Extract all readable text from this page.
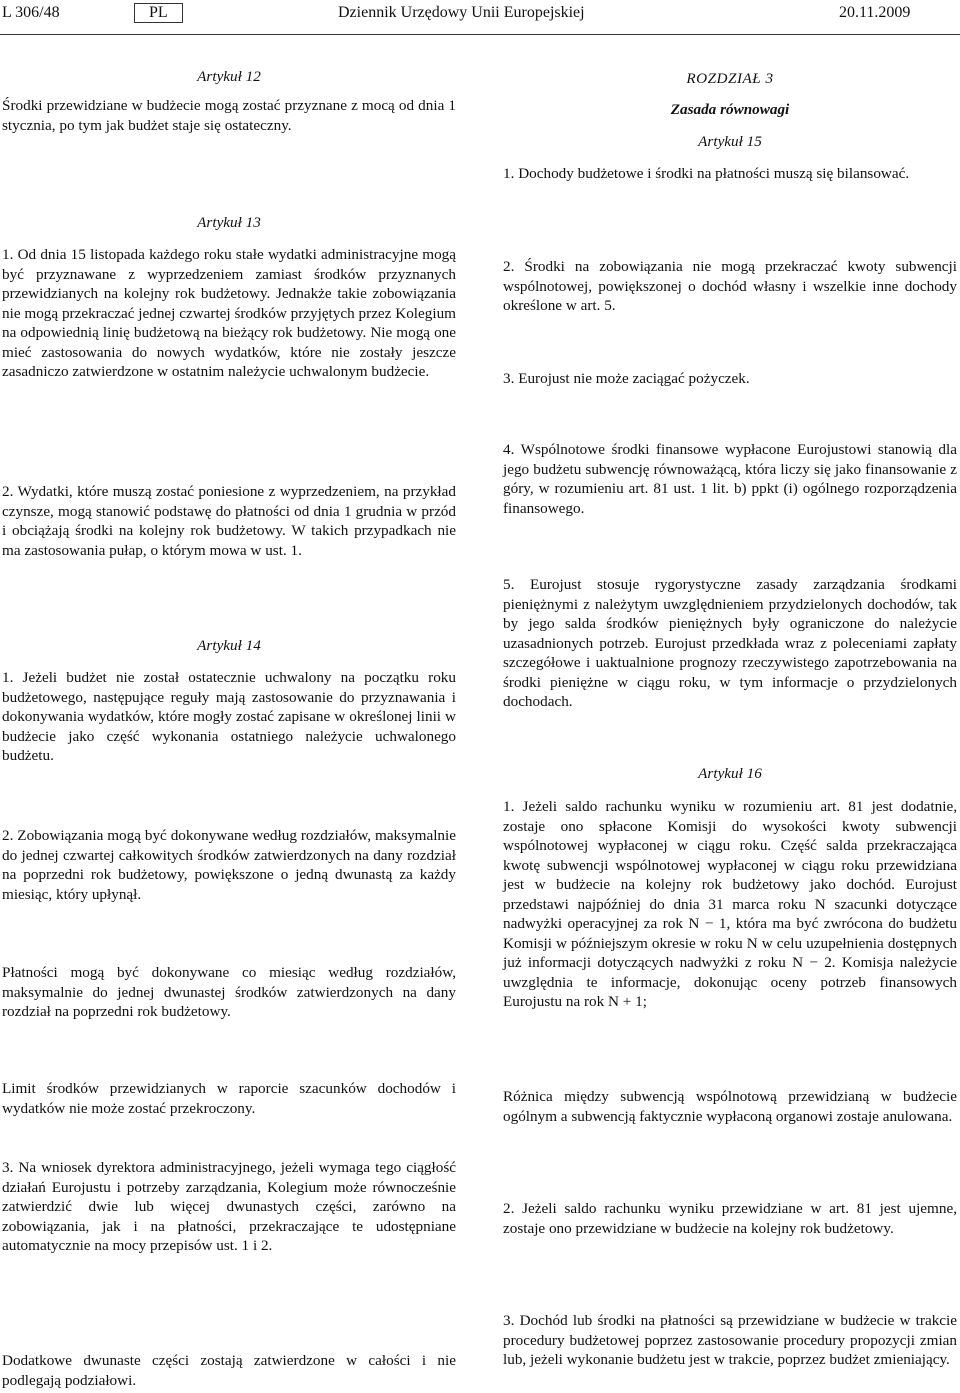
L 306/48	PL	Dziennik Urzędowy Unii Europejskiej	20.11.2009

Artykuł 12

Środki przewidziane w budżecie mogą zostać przyznane z mocą od dnia 1 stycznia, po tym jak budżet staje się ostateczny.

Artykuł 13

1. Od dnia 15 listopada każdego roku stałe wydatki administracyjne mogą być przyznawane z wyprzedzeniem zamiast środków przyznanych przewidzianych na kolejny rok budżetowy. Jednakże takie zobowiązania nie mogą przekraczać jednej czwartej środków przyjętych przez Kolegium na odpowiednią linię budżetową na bieżący rok budżetowy. Nie mogą one mieć zastosowania do nowych wydatków, które nie zostały jeszcze zasadniczo zatwierdzone w ostatnim należycie uchwalonym budżecie.

2. Wydatki, które muszą zostać poniesione z wyprzedzeniem, na przykład czynsze, mogą stanowić podstawę do płatności od dnia 1 grudnia w przód i obciążają środki na kolejny rok budżetowy. W takich przypadkach nie ma zastosowania pułap, o którym mowa w ust. 1.

Artykuł 14

1. Jeżeli budżet nie został ostatecznie uchwalony na początku roku budżetowego, następujące reguły mają zastosowanie do przyznawania i dokonywania wydatków, które mogły zostać zapisane w określonej linii w budżecie jako część wykonania ostatniego należycie uchwalonego budżetu.

2. Zobowiązania mogą być dokonywane według rozdziałów, maksymalnie do jednej czwartej całkowitych środków zatwierdzonych na dany rozdział na poprzedni rok budżetowy, powiększone o jedną dwunastą za każdy miesiąc, który upłynął.

Płatności mogą być dokonywane co miesiąc według rozdziałów, maksymalnie do jednej dwunastej środków zatwierdzonych na dany rozdział na poprzedni rok budżetowy.

Limit środków przewidzianych w raporcie szacunków dochodów i wydatków nie może zostać przekroczony.

3. Na wniosek dyrektora administracyjnego, jeżeli wymaga tego ciągłość działań Eurojustu i potrzeby zarządzania, Kolegium może równocześnie zatwierdzić dwie lub więcej dwunastych części, zarówno na zobowiązania, jak i na płatności, przekraczające te udostępniane automatycznie na mocy przepisów ust. 1 i 2.

Dodatkowe dwunaste części zostają zatwierdzone w całości i nie podlegają podziałowi.

ROZDZIAŁ 3

Zasada równowagi

Artykuł 15

1. Dochody budżetowe i środki na płatności muszą się bilansować.

2. Środki na zobowiązania nie mogą przekraczać kwoty subwencji wspólnotowej, powiększonej o dochód własny i wszelkie inne dochody określone w art. 5.

3. Eurojust nie może zaciągać pożyczek.

4. Wspólnotowe środki finansowe wypłacone Eurojustowi stanowią dla jego budżetu subwencję równoważącą, która liczy się jako finansowanie z góry, w rozumieniu art. 81 ust. 1 lit. b) ppkt (i) ogólnego rozporządzenia finansowego.

5. Eurojust stosuje rygorystyczne zasady zarządzania środkami pieniężnymi z należytym uwzględnieniem przydzielonych dochodów, tak by jego salda środków pieniężnych były ograniczone do należycie uzasadnionych potrzeb. Eurojust przedkłada wraz z poleceniami zapłaty szczegółowe i uaktualnione prognozy rzeczywistego zapotrzebowania na środki pieniężne w ciągu roku, w tym informacje o przydzielonych dochodach.

Artykuł 16

1. Jeżeli saldo rachunku wyniku w rozumieniu art. 81 jest dodatnie, zostaje ono spłacone Komisji do wysokości kwoty subwencji wspólnotowej wypłaconej w ciągu roku. Część salda przekraczająca kwotę subwencji wspólnotowej wypłaconej w ciągu roku przewidziana jest w budżecie na kolejny rok budżetowy jako dochód. Eurojust przedstawi najpóźniej do dnia 31 marca roku N szacunki dotyczące nadwyżki operacyjnej za rok N − 1, która ma być zwrócona do budżetu Komisji w późniejszym okresie w roku N w celu uzupełnienia dostępnych już informacji dotyczących nadwyżki z roku N − 2. Komisja należycie uwzględnia te informacje, dokonując oceny potrzeb finansowych Eurojustu na rok N + 1;

Różnica między subwencją wspólnotową przewidzianą w budżecie ogólnym a subwencją faktycznie wypłaconą organowi zostaje anulowana.

2. Jeżeli saldo rachunku wyniku przewidziane w art. 81 jest ujemne, zostaje ono przewidziane w budżecie na kolejny rok budżetowy.

3. Dochód lub środki na płatności są przewidziane w budżecie w trakcie procedury budżetowej poprzez zastosowanie procedury propozycji zmian lub, jeżeli wykonanie budżetu jest w trakcie, poprzez budżet zmieniający.
